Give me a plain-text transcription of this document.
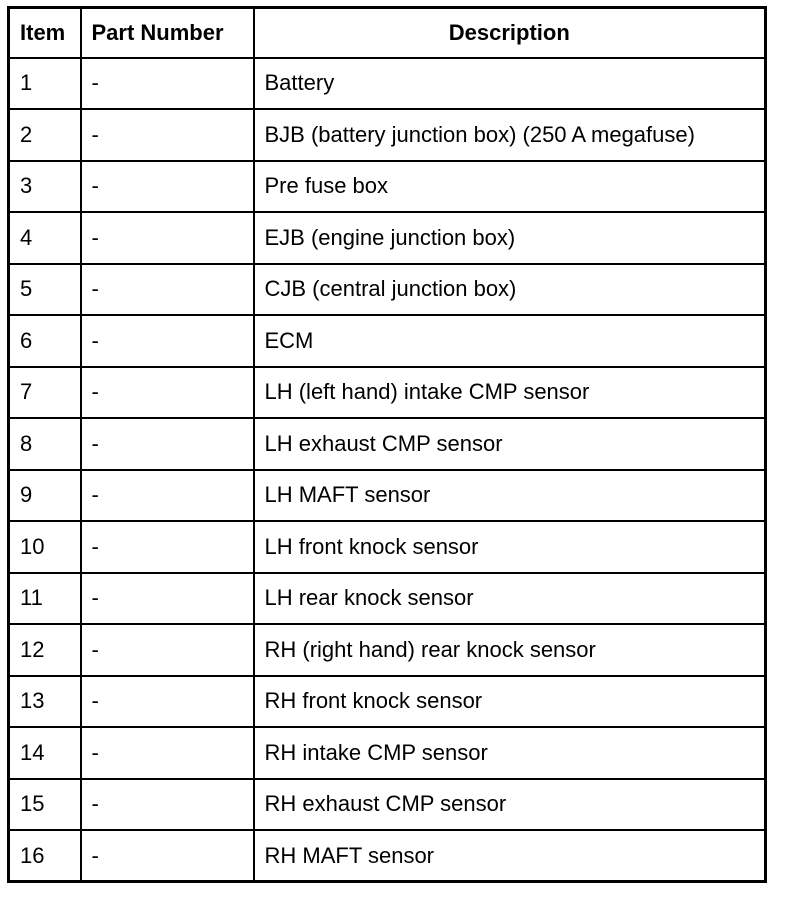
Item	Part Number	Description
1	-	Battery
2	-	BJB (battery junction box) (250 A megafuse)
3	-	Pre fuse box
4	-	EJB (engine junction box)
5	-	CJB (central junction box)
6	-	ECM
7	-	LH (left hand) intake CMP sensor
8	-	LH exhaust CMP sensor
9	-	LH MAFT sensor
10	-	LH front knock sensor
11	-	LH rear knock sensor
12	-	RH (right hand) rear knock sensor
13	-	RH front knock sensor
14	-	RH intake CMP sensor
15	-	RH exhaust CMP sensor
16	-	RH MAFT sensor
